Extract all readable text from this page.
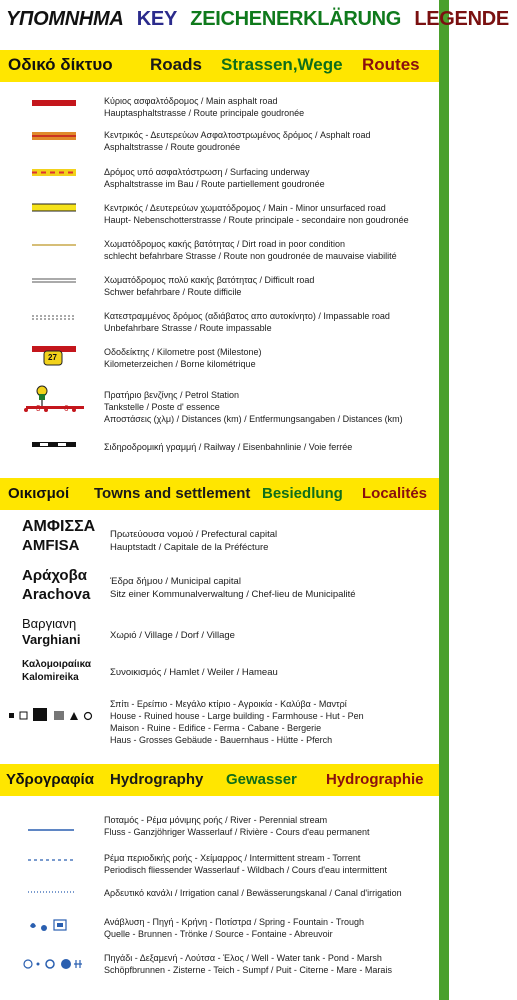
ΥΠΟΜΝΗΜΑ KEY ZEICHENERKLÄRUNG LEGENDE
Οδικό δίκτυο Roads Strassen,Wege Routes
27
3	6
Κύριος ασφαλτόδρομος / Main asphalt road
Hauptasphaltstrasse / Route principale goudronée
Κεντρικός - Δευτερεύων Ασφαλτοστρωμένος δρόμος / Asphalt road
Asphaltstrasse / Route goudronée
Δρόμος υπό ασφαλτόστρωση / Surfacing underway
Asphaltstrasse im Bau / Route partiellement goudronée
Κεντρικός / Δευτερεύων χωματόδρομος / Main - Minor unsurfaced road
Haupt- Nebenschotterstrasse / Route principale - secondaire non goudronée
Χωματόδρομος κακής βατότητας / Dirt road in poor condition
schlecht befahrbare Strasse / Route non goudronée de mauvaise viabilité
Χωματόδρομος πολύ κακής βατότητας / Difficult road
Schwer befahrbare / Route difficile
Κατεστραμμένος δρόμος (αδιάβατος απο αυτοκίνητο) / Impassable road
Unbefahrbare Strasse / Route impassable
Οδοδείκτης / Kilometre post (Milestone)
Kilometerzeichen / Borne kilométrique
Πρατήριο βενζίνης / Petrol Station
Tankstelle / Poste d' essence
Αποστάσεις (χλμ) / Distances (km) / Entfermungsangaben / Distances (km)
Σιδηροδρομική γραμμή / Railway / Eisenbahnlinie / Voie ferrée
Οικισμοί Towns and settlement Besiedlung Localités
ΑΜΦΙΣΣΑ
AMFISA
Αράχοβα
Arachova
Βαργιανη
Varghiani
Καλομοιραίικα
Kalomireika
Πρωτεύουσα νομού / Prefectural capital
Hauptstadt / Capitale de la Préfécture
Έδρα δήμου / Municipal capital
Sitz einer Kommunalverwaltung / Chef-lieu de Municipalité
Χωριό / Village / Dorf / Village
Συνοικισμός / Hamlet / Weiler / Hameau
Σπίτι - Ερείπιο - Μεγάλο κτίριο - Αγροικία - Καλύβα - Μαντρί
House - Ruined house - Large building - Farmhouse - Hut - Pen
Maison - Ruine - Edifice - Ferma - Cabane - Bergerie
Haus - Grosses Gebäude - Bauernhaus - Hütte - Pferch
Υδρογραφία Hydrography Gewasser Hydrographie
Ποταμός - Ρέμα μόνιμης ροής / River - Perennial stream
Fluss - Ganzjöhriger Wasserlauf / Rivière - Cours d'eau permanent
Ρέμα περιοδικής ροής - Χείμαρρος / Intermittent stream - Torrent
Periodisch fliessender Wasserlauf - Wildbach / Cours d'eau intermittent
Αρδευτικό κανάλι / Irrigation canal / Bewässerungskanal / Canal d'irrigation
Ανάβλυση - Πηγή - Κρήνη - Ποτίστρα / Spring - Fountain - Trough
Quelle - Brunnen - Trönke / Source - Fontaine - Abreuvoir
Πηγάδι - Δεξαμενή - Λούτσα - Έλος / Well - Water tank - Pond - Marsh
Schöpfbrunnen - Zisterne - Teich - Sumpf / Puit - Citerne - Mare - Marais
